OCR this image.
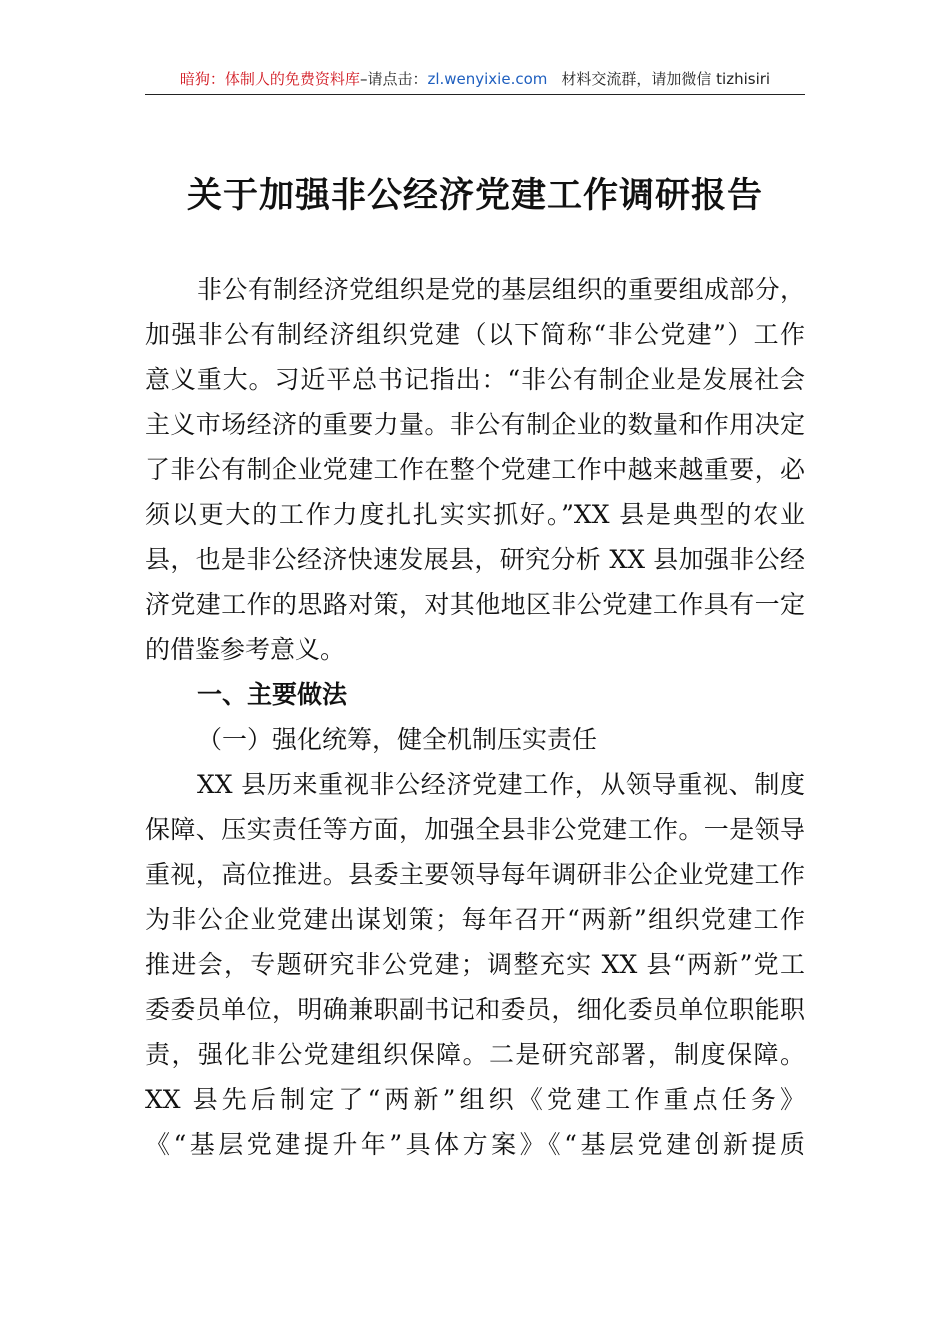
暗狗：体制人的免费资料库–请点击：zl.wenyixie.com 材料交流群，请加微信 tizhisiri
关于加强非公经济党建工作调研报告
非公有制经济党组织是党的基层组织的重要组成部分，
加强非公有制经济组织党建（以下简称“非公党建”）工作
意义重大。习近平总书记指出：“非公有制企业是发展社会
主义市场经济的重要力量。非公有制企业的数量和作用决定
了非公有制企业党建工作在整个党建工作中越来越重要，必
须以更大的工作力度扎扎实实抓好。”XX 县是典型的农业
县，也是非公经济快速发展县，研究分析 XX 县加强非公经
济党建工作的思路对策，对其他地区非公党建工作具有一定
的借鉴参考意义。
一、主要做法
（一）强化统筹，健全机制压实责任
XX 县历来重视非公经济党建工作，从领导重视、制度
保障、压实责任等方面，加强全县非公党建工作。一是领导
重视，高位推进。县委主要领导每年调研非公企业党建工作
为非公企业党建出谋划策；每年召开“两新”组织党建工作
推进会，专题研究非公党建；调整充实 XX 县“两新”党工
委委员单位，明确兼职副书记和委员，细化委员单位职能职
责，强化非公党建组织保障。二是研究部署，制度保障。
XX 县先后制定了“两新”组织《党建工作重点任务》
《“基层党建提升年”具体方案》《“基层党建创新提质
